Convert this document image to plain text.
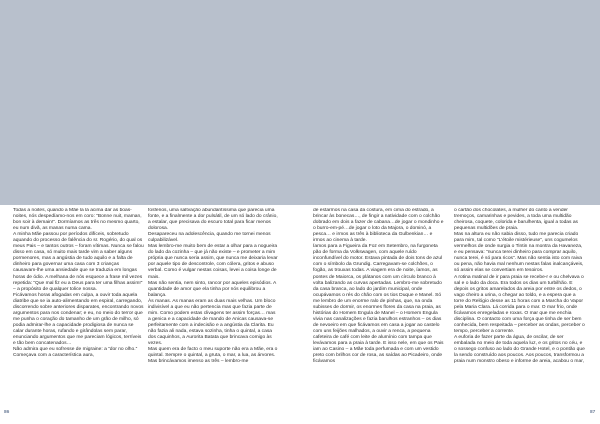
Todas a noites, quando a Mãe la lá acima dar as boas-noites, nós despedíamo-nos em coro: “Bonne nuit, maman, bon soir à demain!”. Dormíamos as três no mesmo quarto, eu num divã, as manas numa cama.

A minha Mãe passou por períodos difíceis, sobretudo aquando do processo de falência do sr. Rogério, do qual os meus Pais – e tantos outros – foram vítimas. Nunca se falou disso em casa, só muito mais tarde vim a saber alguns pormenores, mas a angústia de tudo aquilo e a falta de dinheiro para governar uma casa com 3 crianças causavam-lhe uma ansiedade que se traduzia em longas horas de ódio. A melhana de nós esquece a frase mil vezes repetida: “Que mal fiz eu a Deus para ter uma filhas assim!” – a propósito de qualquer tolice nossa.

Ficávamos horas afogadas em culpa, a ouvir toda aquela diatribe que se ia auto-alimentando em espiral, carregando, discorrendo sobre anteriores disparates, encontrando novos argumentos para nos condenar; e eu, no meio do terror que me punha o coração do tamanho de um grão de milho, só podia admirar-lhe a capacidade prodigiosa de nunca se calar durante horas, rufando e girândolas sem parar, enunciando argumentos que me pareciam lógicos, terríveis e tão bem concatenados…

Não admira que eu sofresse de migraine: a “dor no olho.” Começava com a característica aura,

fosfenos, uma saltvação abundantíssima que parecia uma fonte, e a finalmente a dor pulsátil, de um só lado do crânio, a estalar, que precisava do escuro total para ficar menos dolorosa.

Desapareceu na adolescência, quando me tornei menos culpabilizável.

Mas lembro-me muito bem de estar a olhar para a nogueira do lado da cozinha – que já não existe – e prometer a mim própria que nunca seria assim, que nunca me deixaria levar por aquele tipo de descontrole, com cólera, gritos e abuso verbal. Como é vulgar nestas coisas, levei a coisa longe de mais.

Mas não sentia, nem sinto, rancor por aqueles episódios. A quantidade de amor que ela tinha por nós equilibrou a balança.

Às manas. As manas eram as duas mais velhas. Um bloco indivisível a que eu não pertencia mas que fazia parte de mim. Como podem estas clivagens ter assim forças… mas a genica e a capacidade de mando de Anicas causava-se perfeitamente com a indecisão e a angústia da Clarita. Eu não fazia ali nada, estava sozinha, tinha o quintal, a casa dos caquinhos, a Aurorita Batata que brincava comigo às vezes.

Mas quem era de facto o meu suporte não era a Mãe, era o quintal. Sempre o quintal, a gruta, o mar, a lua, as árvores.

Mas brincávamos imenso as três – lembro-me

de estarmos na casa da costura, em cima do estrado, a brincar às bonecas…, de fingir a natividade com o colchão dobrado em dois a fazer de cabana…de jogar o mondinho e o burro-em-pé…de jogar o loto da Majora, o dominó, a pesca… e irmos as três à biblioteca da Gulbenkian… e irmos ao cinema à tarde.

Íamos para a Figueira da Foz em Setembro, na furgoneta pão de forma da Volkswagen, com aquele ruído inconfundível do motor. Estava pintada de dois tons de azul com o símbolo da Grundig. Carregavam-se colchões, o fogão, as trouxas todas. A viagem era de noite, íamos, as pontes de Maiorca, os plátanos com um círculo branco à volta balizando as curvas apertadas. Lembro-me sobretudo da casa branca, ao lado do jardim municipal, onde ocupávamos o rés do chão com os tios Duque e Manel. Só me lembro de um enorme ralo de pinhas, que, na onda subisses de dormir, os enormes flores da casa na praia, as histórias do Homem Engula de Manel – o Homem Engula vivia nas canalizações e fazia barulhos estranhos – os dias de nevoeiro em que ficávamos em casa a jogar ao castelo com uns feijões malhados, a ouvir a renca, a pequena cafeteira de café com leite de alumínio com tampa que levávamos para a praia à tarde. E isso nele, em que os Pais iam ao Casino – a Mãe toda perfumada e com um vestido preto com brilhos cor de rosa, as saídas ao Picadeiro, onde ficávamos

o cartão dos chocolates, a mulher do canto a vender tremoços, camarinhas e pevides, a toda uma multidão cheirosa, coquete, colorida e barulhenta, igual a todas as pequenas multidões de praia.

Mas na altura eu não sabia disso, tudo me parecia criado para mim, tal como “L'étoile mistérieuse”, uns cogumelos vermelhos de onde surgia o Tintin na montra da Havaneza, e eu pensava: “nunca terei dinheiro para comprar aquilo, nunca terei, é só para ricos”. Mas não sentia isto com raiva ou pena, não havia mal nenhum nestas falas inalcançáveis, só assim elas se convertiam em tesoiros.

A rotina matinal de ir para praia se recebe-r e ou chelvava o sal e o lado da doca. Era todos os dias um turbilhão. E depois os gritos amarelados da areia por entre os dedos, o vago cheiro a urina, o chegar ao toldo, e a espera que a torre do Relógio desse as 11 horas com a Marcha do Vapor pela Maria Clara. Lá corrida para o mar. O mar frio, onde ficávamos enregeladas e roxas. O mar que me enchia disciplina. O contacto com uma força que tinha de ser bem conhecida, bem respeitada – perceber as ondas, perceber o tempo, perceber a corrente.

A euforia de fazer parte da água, de oscilar, de ser embalada no meio de toda aquela luz, e os gritos no céu, e o sossego confuso ao lado do Grande Hotel, e o pontão que la sendo construído aos poucos. Aos poucos, transformou a praia num monstro obeso e informe de areia, acabou o mar,

86	87
